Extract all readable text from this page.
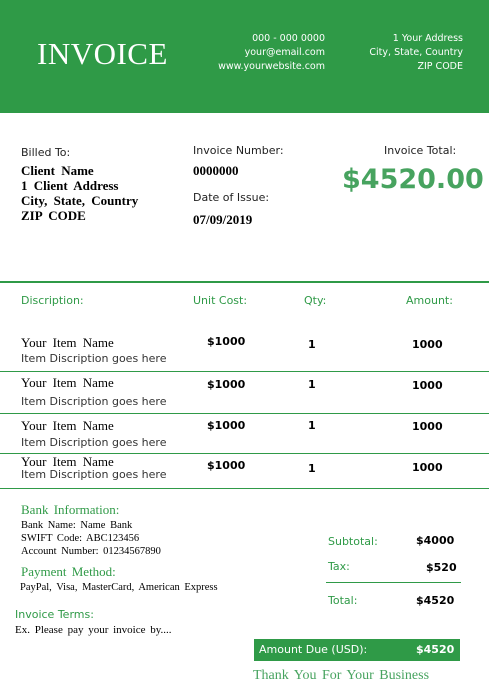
INVOICE	000 - 000 0000
your@email.com
www.yourwebsite.com
1 Your Address
City, State, Country
ZIP CODE
Billed To:
Client Name
1 Client Address
City, State, Country
ZIP CODE
Invoice Number:
0000000
Date of Issue:
07/09/2019
Invoice Total:
$4520.00
Discription:	Unit Cost:	Qty:	Amount:
Your Item Name
Item Discription goes here
$1000	1	1000
Your Item Name
Item Discription goes here
$1000	1	1000
Your Item Name
Item Discription goes here
$1000	1	1000
Your Item Name
Item Discription goes here
$1000	1	1000
Bank Information:
Bank Name: Name Bank
SWIFT Code: ABC123456
Account Number: 01234567890
Payment Method:
PayPal, Visa, MasterCard, American Express
Invoice Terms:
Ex. Please pay your invoice by....
Subtotal:	$4000
Tax:	$520
Total:	$4520
Amount Due (USD):	$4520
Thank You For Your Business
